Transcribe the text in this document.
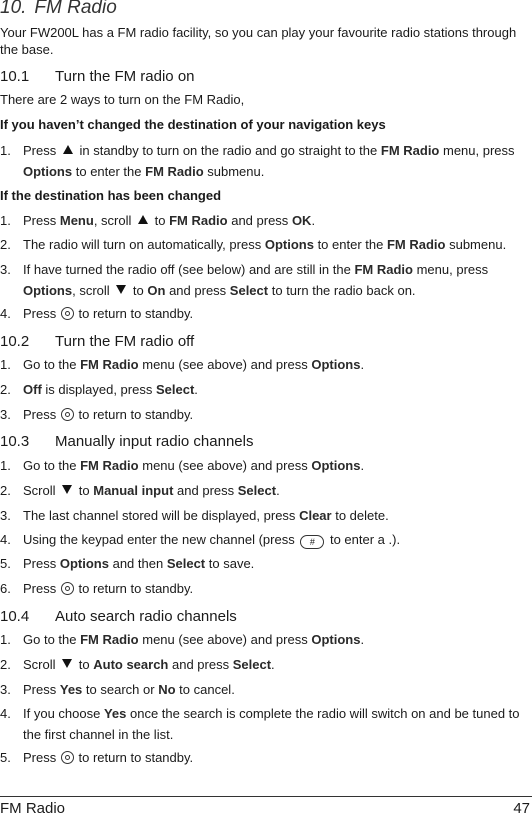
10. FM Radio
Your FW200L has a FM radio facility, so you can play your favourite radio stations through the base.
10.1 Turn the FM radio on
There are 2 ways to turn on the FM Radio,
If you haven’t changed the destination of your navigation keys
1. Press in standby to turn on the radio and go straight to the FM Radio menu, press Options to enter the FM Radio submenu.
If the destination has been changed
1. Press Menu, scroll to FM Radio and press OK.
2. The radio will turn on automatically, press Options to enter the FM Radio submenu.
3. If have turned the radio off (see below) and are still in the FM Radio menu, press Options, scroll to On and press Select to turn the radio back on.
4. Press to return to standby.
10.2 Turn the FM radio off
1. Go to the FM Radio menu (see above) and press Options.
2. Off is displayed, press Select.
3. Press to return to standby.
10.3 Manually input radio channels
1. Go to the FM Radio menu (see above) and press Options.
2. Scroll to Manual input and press Select.
3. The last channel stored will be displayed, press Clear to delete.
4. Using the keypad enter the new channel (press # to enter a .).
5. Press Options and then Select to save.
6. Press to return to standby.
10.4 Auto search radio channels
1. Go to the FM Radio menu (see above) and press Options.
2. Scroll to Auto search and press Select.
3. Press Yes to search or No to cancel.
4. If you choose Yes once the search is complete the radio will switch on and be tuned to the first channel in the list.
5. Press to return to standby.
FM Radio	47
